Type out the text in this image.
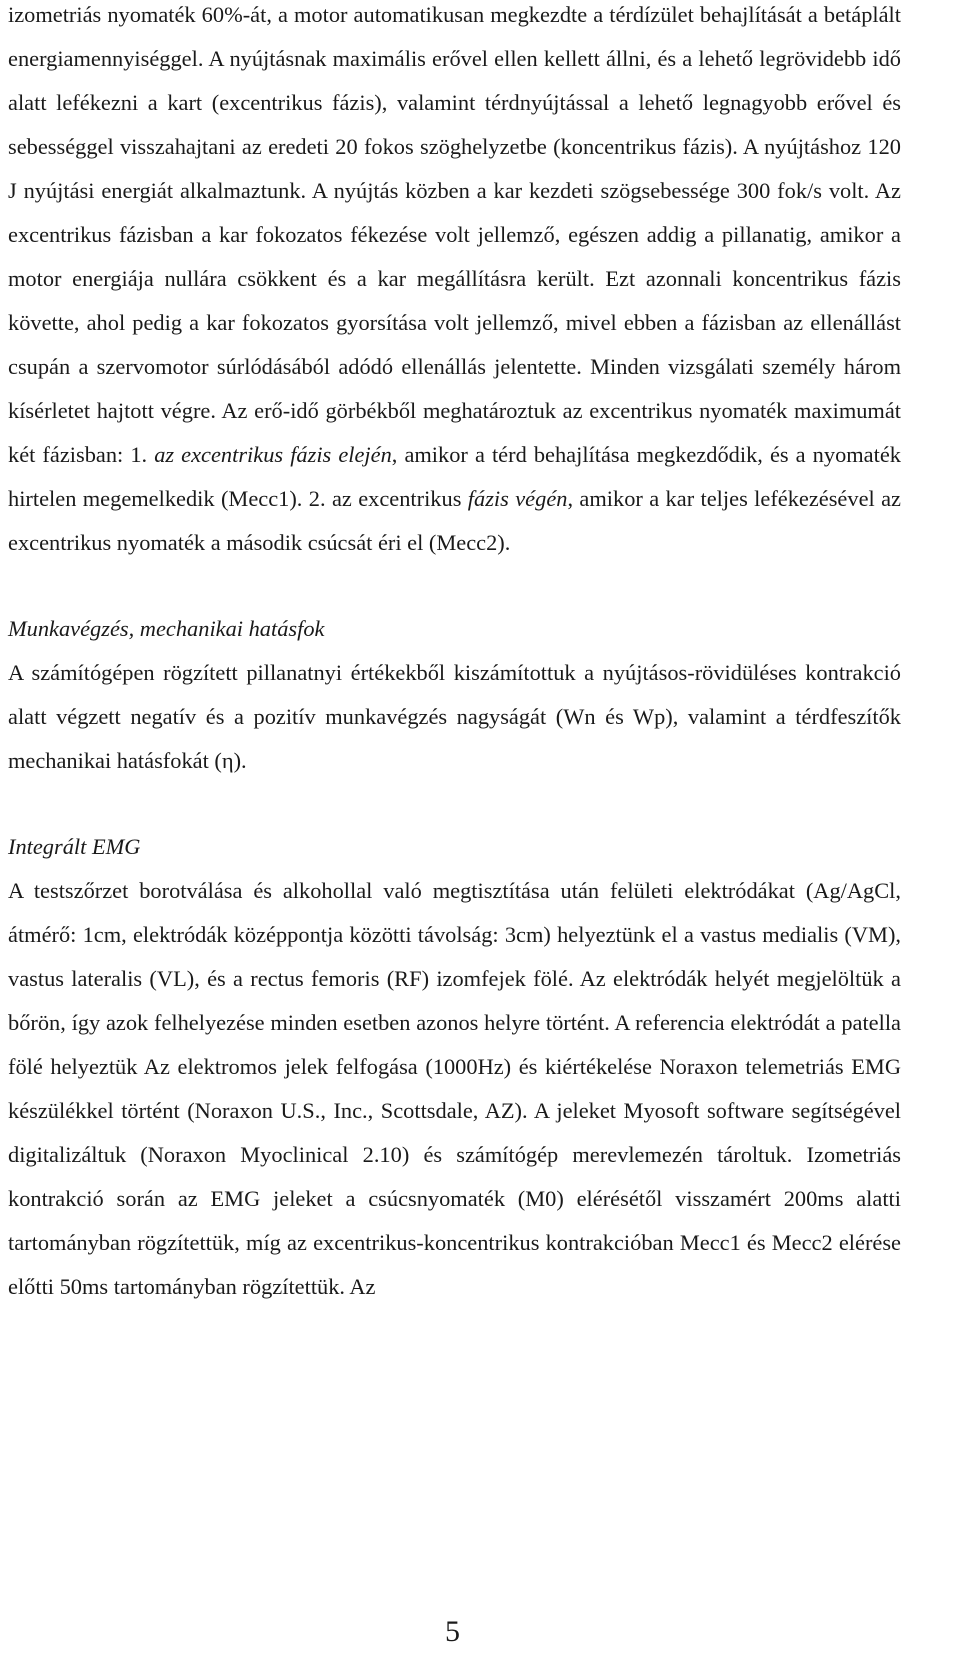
izometriás nyomaték 60%-át, a motor automatikusan megkezdte a térdízület behajlítását a betáplált energiamennyiséggel. A nyújtásnak maximális erővel ellen kellett állni, és a lehető legrövidebb idő alatt lefékezni a kart (excentrikus fázis), valamint térdnyújtással a lehető legnagyobb erővel és sebességgel visszahajtani az eredeti 20 fokos szöghelyzetbe (koncentrikus fázis). A nyújtáshoz 120 J nyújtási energiát alkalmaztunk. A nyújtás közben a kar kezdeti szögsebessége 300 fok/s volt. Az excentrikus fázisban a kar fokozatos fékezése volt jellemző, egészen addig a pillanatig, amikor a motor energiája nullára csökkent és a kar megállításra került. Ezt azonnali koncentrikus fázis követte, ahol pedig a kar fokozatos gyorsítása volt jellemző, mivel ebben a fázisban az ellenállást csupán a szervomotor súrlódásából adódó ellenállás jelentette. Minden vizsgálati személy három kísérletet hajtott végre. Az erő-idő görbékből meghatároztuk az excentrikus nyomaték maximumát két fázisban: 1. az excentrikus fázis elején, amikor a térd behajlítása megkezdődik, és a nyomaték hirtelen megemelkedik (Mecc1). 2. az excentrikus fázis végén, amikor a kar teljes lefékezésével az excentrikus nyomaték a második csúcsát éri el (Mecc2).

Munkavégzés, mechanikai hatásfok

A számítógépen rögzített pillanatnyi értékekből kiszámítottuk a nyújtásos-rövidüléses kontrakció alatt végzett negatív és a pozitív munkavégzés nagyságát (Wn és Wp), valamint a térdfeszítők mechanikai hatásfokát (η).

Integrált EMG

A testszőrzet borotválása és alkohollal való megtisztítása után felületi elektródákat (Ag/AgCl, átmérő: 1cm, elektródák középpontja közötti távolság: 3cm) helyeztünk el a vastus medialis (VM), vastus lateralis (VL), és a rectus femoris (RF) izomfejek fölé. Az elektródák helyét megjelöltük a bőrön, így azok felhelyezése minden esetben azonos helyre történt. A referencia elektródát a patella fölé helyeztük Az elektromos jelek felfogása (1000Hz) és kiértékelése Noraxon telemetriás EMG készülékkel történt (Noraxon U.S., Inc., Scottsdale, AZ). A jeleket Myosoft software segítségével digitalizáltuk (Noraxon Myoclinical 2.10) és számítógép merevlemezén tároltuk. Izometriás kontrakció során az EMG jeleket a csúcsnyomaték (M0) elérésétől visszamért 200ms alatti tartományban rögzítettük, míg az excentrikus-koncentrikus kontrakcióban Mecc1 és Mecc2 elérése előtti 50ms tartományban rögzítettük. Az

5
